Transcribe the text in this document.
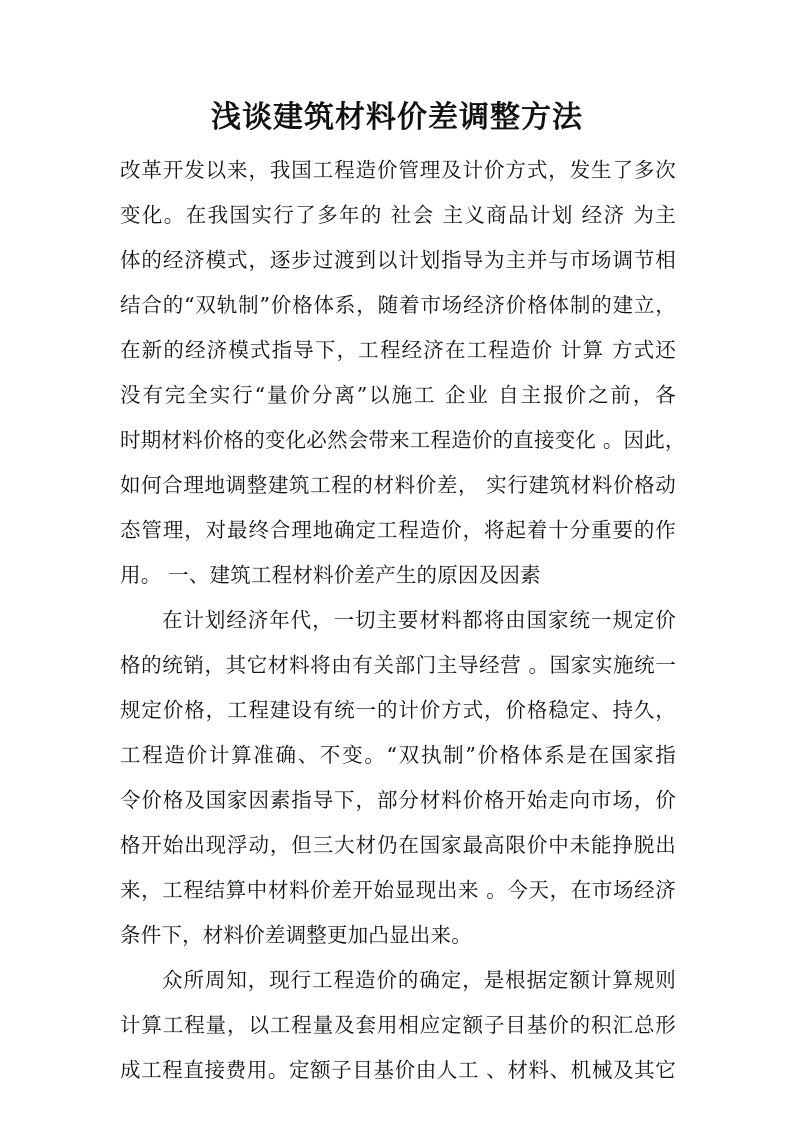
浅谈建筑材料价差调整方法
改革开发以来，我国工程造价管理及计价方式，发生了多次
变化。在我国实行了多年的 社会 主义商品计划 经济 为主
体的经济模式，逐步过渡到以计划指导为主并与市场调节相
结合的“双轨制”价格体系，随着市场经济价格体制的建立，
在新的经济模式指导下，工程经济在工程造价 计算 方式还
没有完全实行“量价分离”以施工 企业 自主报价之前，各
时期材料价格的变化必然会带来工程造价的直接变化 。因此，
如何合理地调整建筑工程的材料价差， 实行建筑材料价格动
态管理，对最终合理地确定工程造价，将起着十分重要的作
用。 一、建筑工程材料价差产生的原因及因素
在计划经济年代，一切主要材料都将由国家统一规定价
格的统销，其它材料将由有关部门主导经营 。国家实施统一
规定价格，工程建设有统一的计价方式，价格稳定、持久，
工程造价计算准确、不变。“双执制”价格体系是在国家指
令价格及国家因素指导下，部分材料价格开始走向市场，价
格开始出现浮动，但三大材仍在国家最高限价中未能挣脱出
来，工程结算中材料价差开始显现出来 。今天，在市场经济
条件下，材料价差调整更加凸显出来。
众所周知，现行工程造价的确定，是根据定额计算规则
计算工程量，以工程量及套用相应定额子目基价的积汇总形
成工程直接费用。定额子目基价由人工 、材料、机械及其它
